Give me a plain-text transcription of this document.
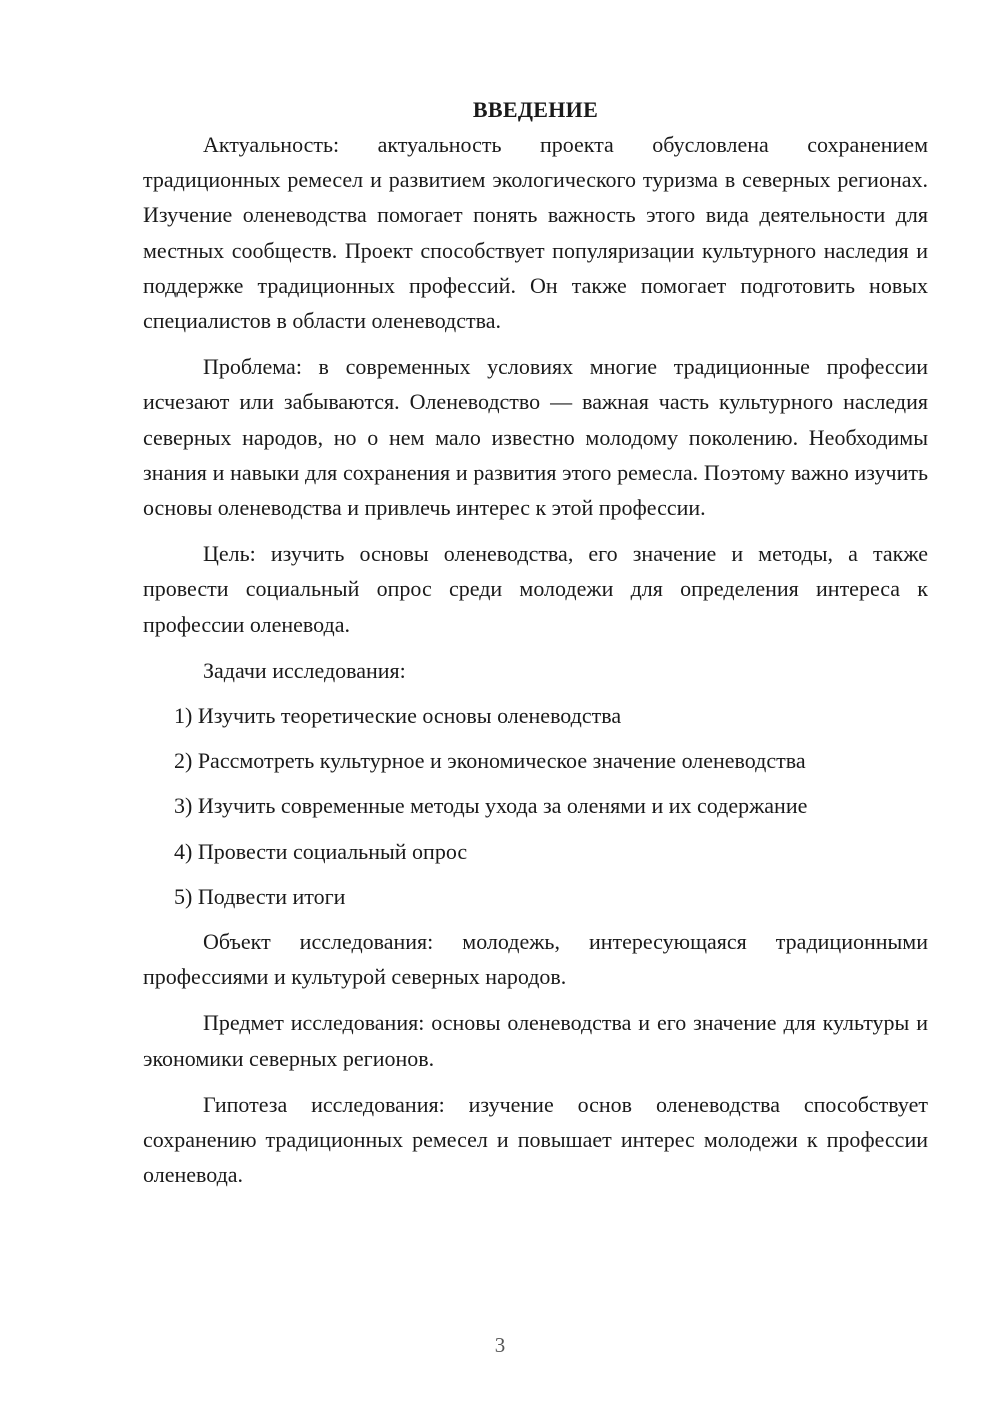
ВВЕДЕНИЕ

Актуальность: актуальность проекта обусловлена сохранением традиционных ремесел и развитием экологического туризма в северных регионах. Изучение оленеводства помогает понять важность этого вида деятельности для местных сообществ. Проект способствует популяризации культурного наследия и поддержке традиционных профессий. Он также помогает подготовить новых специалистов в области оленеводства.

Проблема: в современных условиях многие традиционные профессии исчезают или забываются. Оленеводство — важная часть культурного наследия северных народов, но о нем мало известно молодому поколению. Необходимы знания и навыки для сохранения и развития этого ремесла. Поэтому важно изучить основы оленеводства и привлечь интерес к этой профессии.

Цель: изучить основы оленеводства, его значение и методы, а также провести социальный опрос среди молодежи для определения интереса к профессии оленевода.

Задачи исследования:
1) Изучить теоретические основы оленеводства
2) Рассмотреть культурное и экономическое значение оленеводства
3) Изучить современные методы ухода за оленями и их содержание
4) Провести социальный опрос
5) Подвести итоги

Объект исследования: молодежь, интересующаяся традиционными профессиями и культурой северных народов.

Предмет исследования: основы оленеводства и его значение для культуры и экономики северных регионов.

Гипотеза исследования: изучение основ оленеводства способствует сохранению традиционных ремесел и повышает интерес молодежи к профессии оленевода.

3
